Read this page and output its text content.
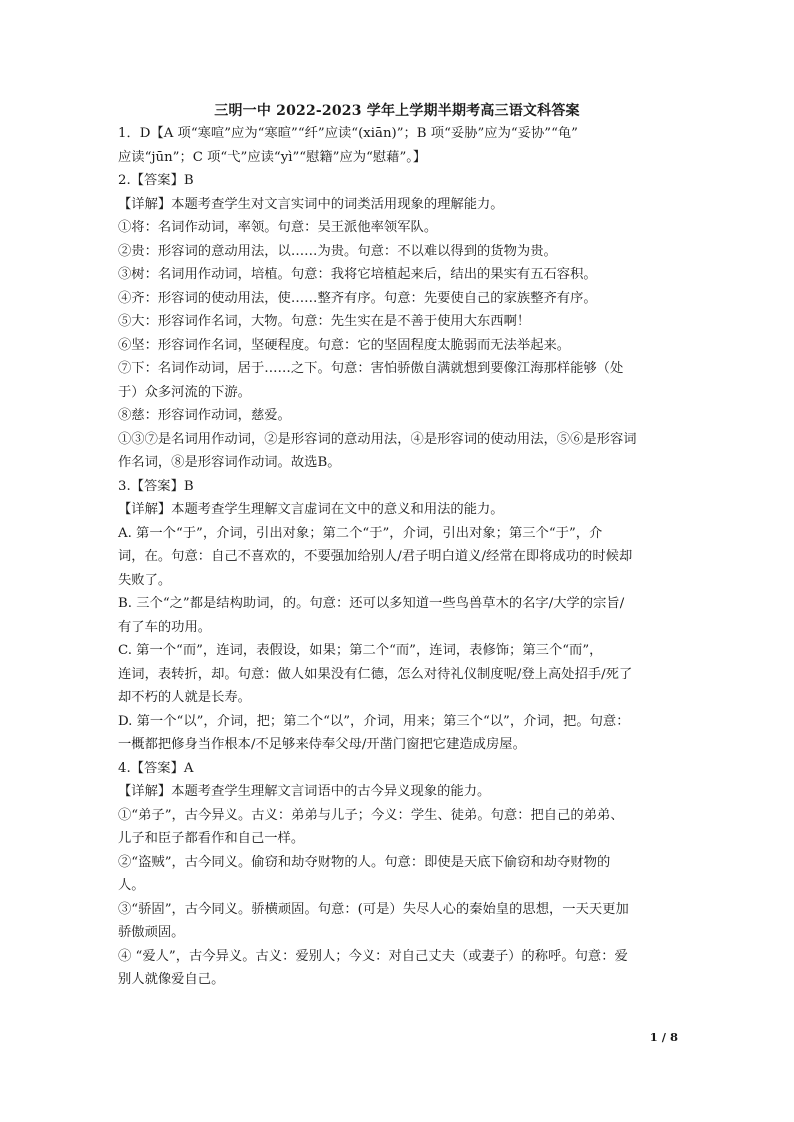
三明一中 2022-2023 学年上学期半期考高三语文科答案

1．D【A 项“寒喧”应为“寒暄”“纤”应读“(xiān)”；B 项“妥胁”应为“妥协”“龟”

应读“jūn”；C 项“弋”应读“yì”“慰籍”应为“慰藉”。】

2.【答案】B

【详解】本题考查学生对文言实词中的词类活用现象的理解能力。

①将：名词作动词，率领。句意：吴王派他率领军队。

②贵：形容词的意动用法，以……为贵。句意：不以难以得到的货物为贵。

③树：名词用作动词，培植。句意：我将它培植起来后，结出的果实有五石容积。

④齐：形容词的使动用法，使……整齐有序。句意：先要使自己的家族整齐有序。

⑤大：形容词作名词，大物。句意：先生实在是不善于使用大东西啊！

⑥坚：形容词作名词，坚硬程度。句意：它的坚固程度太脆弱而无法举起来。

⑦下：名词作动词，居于……之下。句意：害怕骄傲自满就想到要像江海那样能够（处

于）众多河流的下游。

⑧慈：形容词作动词，慈爱。

①③⑦是名词用作动词，②是形容词的意动用法，④是形容词的使动用法，⑤⑥是形容词

作名词，⑧是形容词作动词。故选B。

3.【答案】B

【详解】本题考查学生理解文言虚词在文中的意义和用法的能力。

A. 第一个“于”，介词，引出对象；第二个“于”，介词，引出对象；第三个“于”，介

词，在。句意：自己不喜欢的，不要强加给别人/君子明白道义/经常在即将成功的时候却

失败了。

B. 三个“之”都是结构助词，的。句意：还可以多知道一些鸟兽草木的名字/大学的宗旨/

有了车的功用。

C. 第一个“而”，连词，表假设，如果；第二个“而”，连词，表修饰；第三个“而”，

连词，表转折，却。句意：做人如果没有仁德，怎么对待礼仪制度呢/登上高处招手/死了

却不朽的人就是长寿。

D. 第一个“以”，介词，把；第二个“以”，介词，用来；第三个“以”，介词，把。句意：

一概都把修身当作根本/不足够来侍奉父母/开凿门窗把它建造成房屋。

4.【答案】A

【详解】本题考查学生理解文言词语中的古今异义现象的能力。

①“弟子”，古今异义。古义：弟弟与儿子；今义：学生、徒弟。句意：把自己的弟弟、

儿子和臣子都看作和自己一样。

②“盗贼”，古今同义。偷窃和劫夺财物的人。句意：即使是天底下偷窃和劫夺财物的

人。

③“骄固”，古今同义。骄横顽固。句意：(可是）失尽人心的秦始皇的思想，一天天更加

骄傲顽固。

④ “爱人”，古今异义。古义：爱别人；今义：对自己丈夫（或妻子）的称呼。句意：爱

别人就像爱自己。

1 / 8
